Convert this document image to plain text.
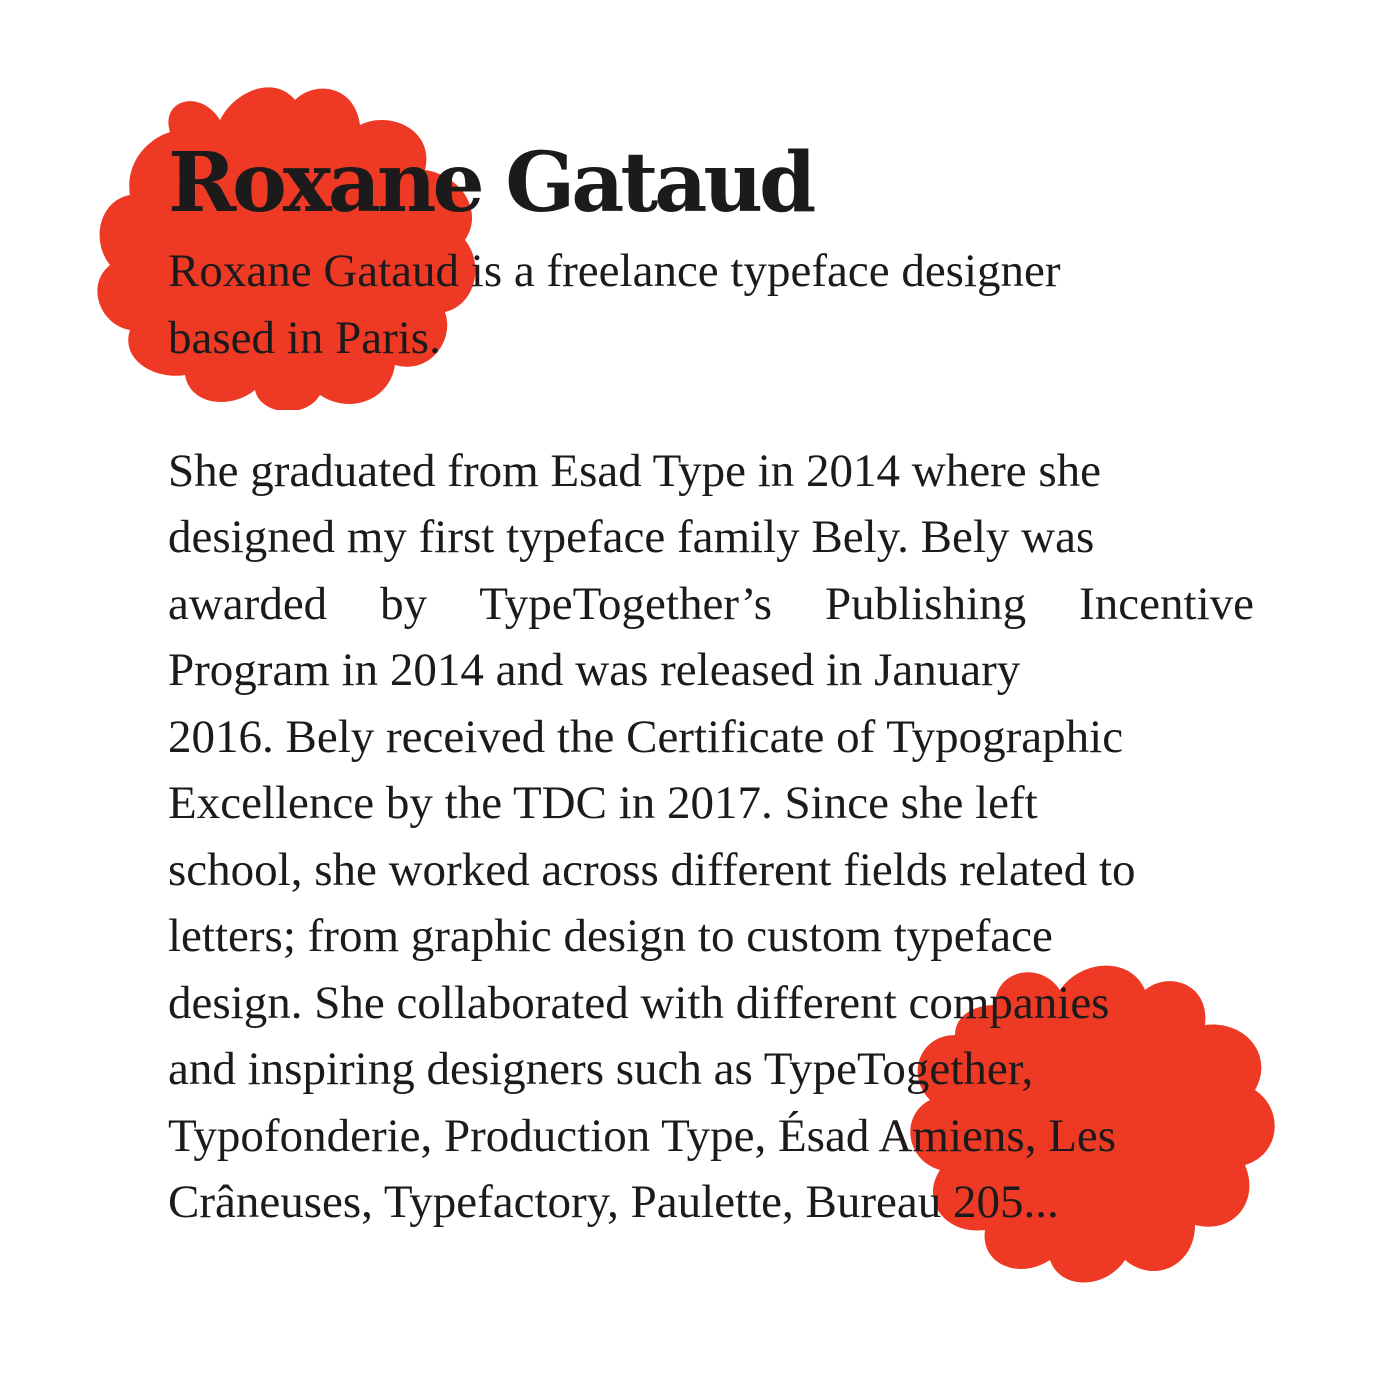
Roxane Gataud

Roxane Gataud is a freelance typeface designer
based in Paris.

She graduated from Esad Type in 2014 where she
designed my first typeface family Bely. Bely was
awarded by TypeTogether’s Publishing Incentive
Program in 2014 and was released in January
2016. Bely received the Certificate of Typographic
Excellence by the TDC in 2017. Since she left
school, she worked across different fields related to
letters; from graphic design to custom typeface
design. She collaborated with different companies
and inspiring designers such as TypeTogether,
Typofonderie, Production Type, Ésad Amiens, Les
Crâneuses, Typefactory, Paulette, Bureau 205...
